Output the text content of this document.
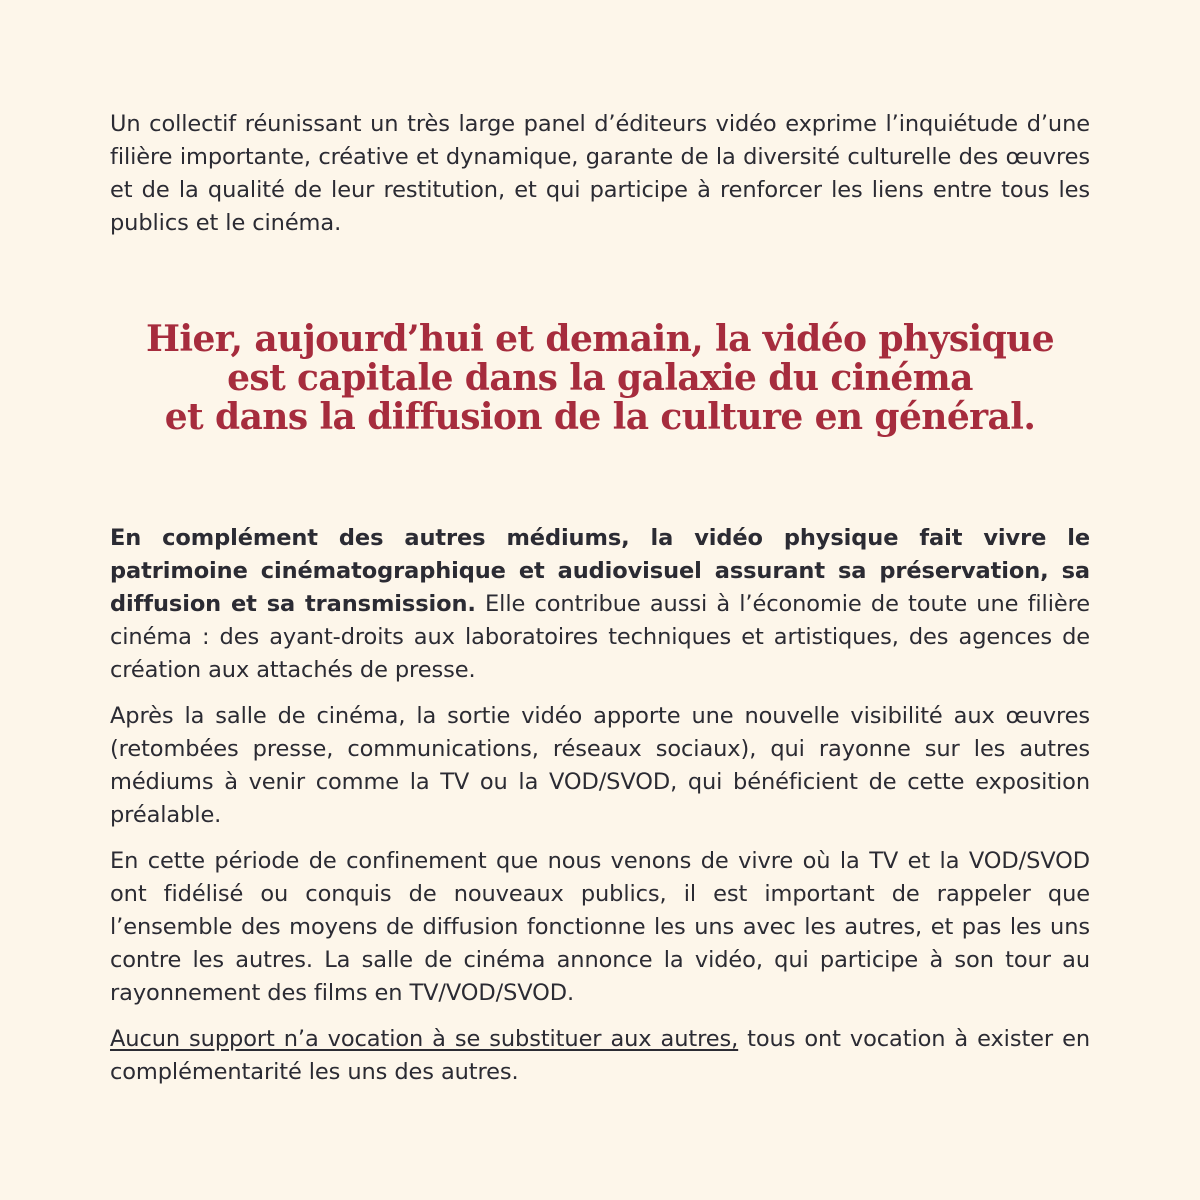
Un collectif réunissant un très large panel d’éditeurs vidéo exprime l’inquiétude d’une filière importante, créative et dynamique, garante de la diversité culturelle des œuvres et de la qualité de leur restitution, et qui participe à renforcer les liens entre tous les publics et le cinéma.

Hier, aujourd’hui et demain, la vidéo physique
est capitale dans la galaxie du cinéma
et dans la diffusion de la culture en général.

En complément des autres médiums, la vidéo physique fait vivre le patrimoine cinématographique et audiovisuel assurant sa préservation, sa diffusion et sa transmission. Elle contribue aussi à l’économie de toute une filière cinéma : des ayant-droits aux laboratoires techniques et artistiques, des agences de création aux attachés de presse.

Après la salle de cinéma, la sortie vidéo apporte une nouvelle visibilité aux œuvres (retombées presse, communications, réseaux sociaux), qui rayonne sur les autres médiums à venir comme la TV ou la VOD/SVOD, qui bénéficient de cette exposition préalable.

En cette période de confinement que nous venons de vivre où la TV et la VOD/SVOD ont fidélisé ou conquis de nouveaux publics, il est important de rappeler que l’ensemble des moyens de diffusion fonctionne les uns avec les autres, et pas les uns contre les autres. La salle de cinéma annonce la vidéo, qui participe à son tour au rayonnement des films en TV/VOD/SVOD.

Aucun support n’a vocation à se substituer aux autres, tous ont vocation à exister en complémentarité les uns des autres.
